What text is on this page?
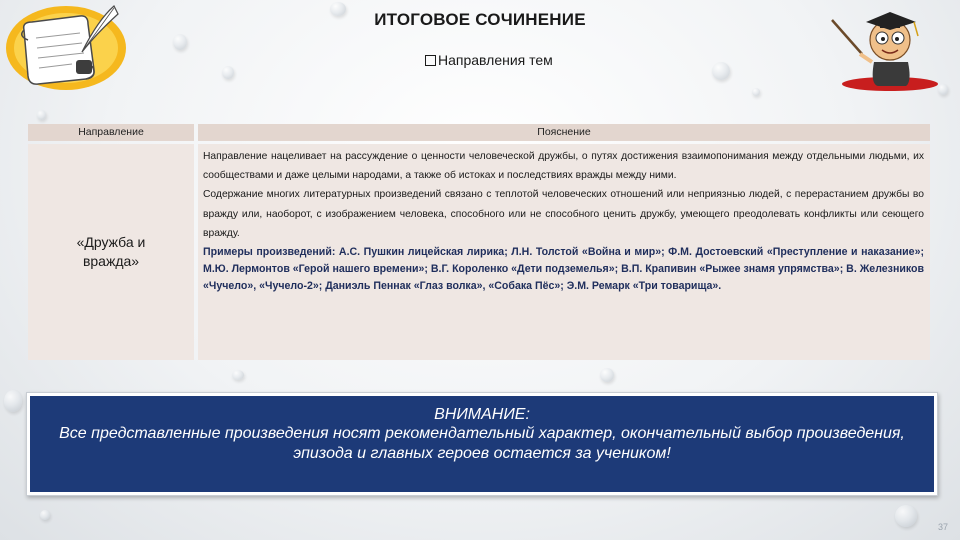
ИТОГОВОЕ СОЧИНЕНИЕ
Направления тем
Направление	Пояснение
«Дружба и вражда»

Направление нацеливает на рассуждение о ценности человеческой дружбы, о путях достижения взаимопонимания между отдельными людьми, их сообществами и даже целыми народами, а также об истоках и последствиях вражды между ними.

Содержание многих литературных произведений связано с теплотой человеческих отношений или неприязнью людей, с перерастанием дружбы во вражду или, наоборот, с изображением человека, способного или не способного ценить дружбу, умеющего преодолевать конфликты или сеющего вражду.

Примеры произведений: А.С. Пушкин лицейская лирика; Л.Н. Толстой «Война и мир»; Ф.М. Достоевский «Преступление и наказание»; М.Ю. Лермонтов «Герой нашего времени»; В.Г. Короленко «Дети подземелья»; В.П. Крапивин «Рыжее знамя упрямства»; В. Железников «Чучело», «Чучело-2»; Даниэль Пеннак «Глаз волка», «Собака Пёс»; Э.М. Ремарк «Три товарища».

ВНИМАНИЕ:
Все представленные произведения носят рекомендательный характер, окончательный выбор произведения, эпизода и главных героев остается за учеником!
37
